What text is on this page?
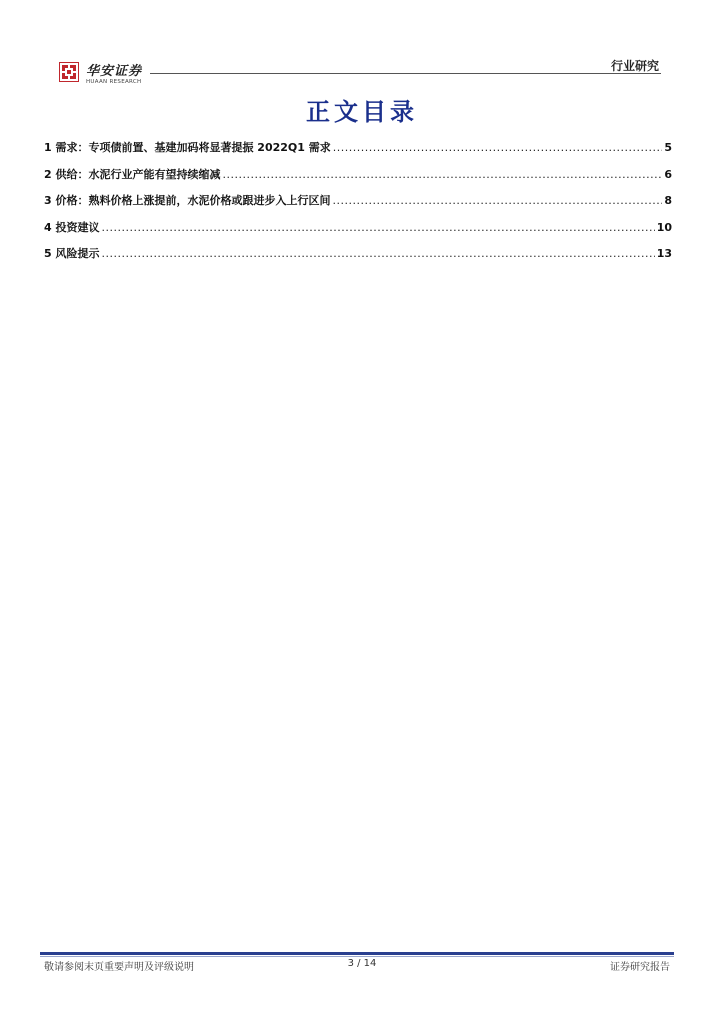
华安证券
HUAAN RESEARCH
行业研究
正文目录
1 需求：专项债前置、基建加码将显著提振 2022Q1 需求 .....	5
2 供给：水泥行业产能有望持续缩减 .....	6
3 价格：熟料价格上涨提前，水泥价格或跟进步入上行区间 .....	8
4 投资建议 .....	10
5 风险提示 .....	13
敬请参阅末页重要声明及评级说明	3 / 14	证券研究报告
